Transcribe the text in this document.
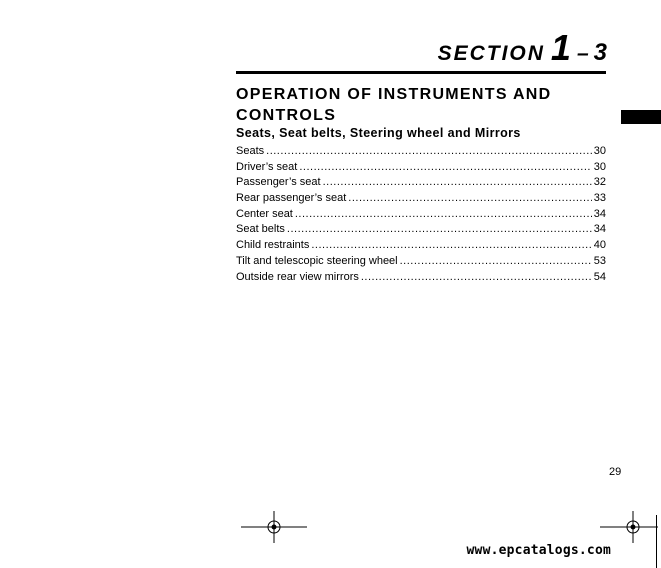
SECTION 1 – 3
OPERATION OF INSTRUMENTS AND CONTROLS
Seats, Seat belts, Steering wheel and Mirrors
Seats .....	30
Driver’s seat .....	30
Passenger’s seat .....	32
Rear passenger’s seat .....	33
Center seat .....	34
Seat belts .....	34
Child restraints .....	40
Tilt and telescopic steering wheel .....	53
Outside rear view mirrors .....	54
29
www.epcatalogs.com
